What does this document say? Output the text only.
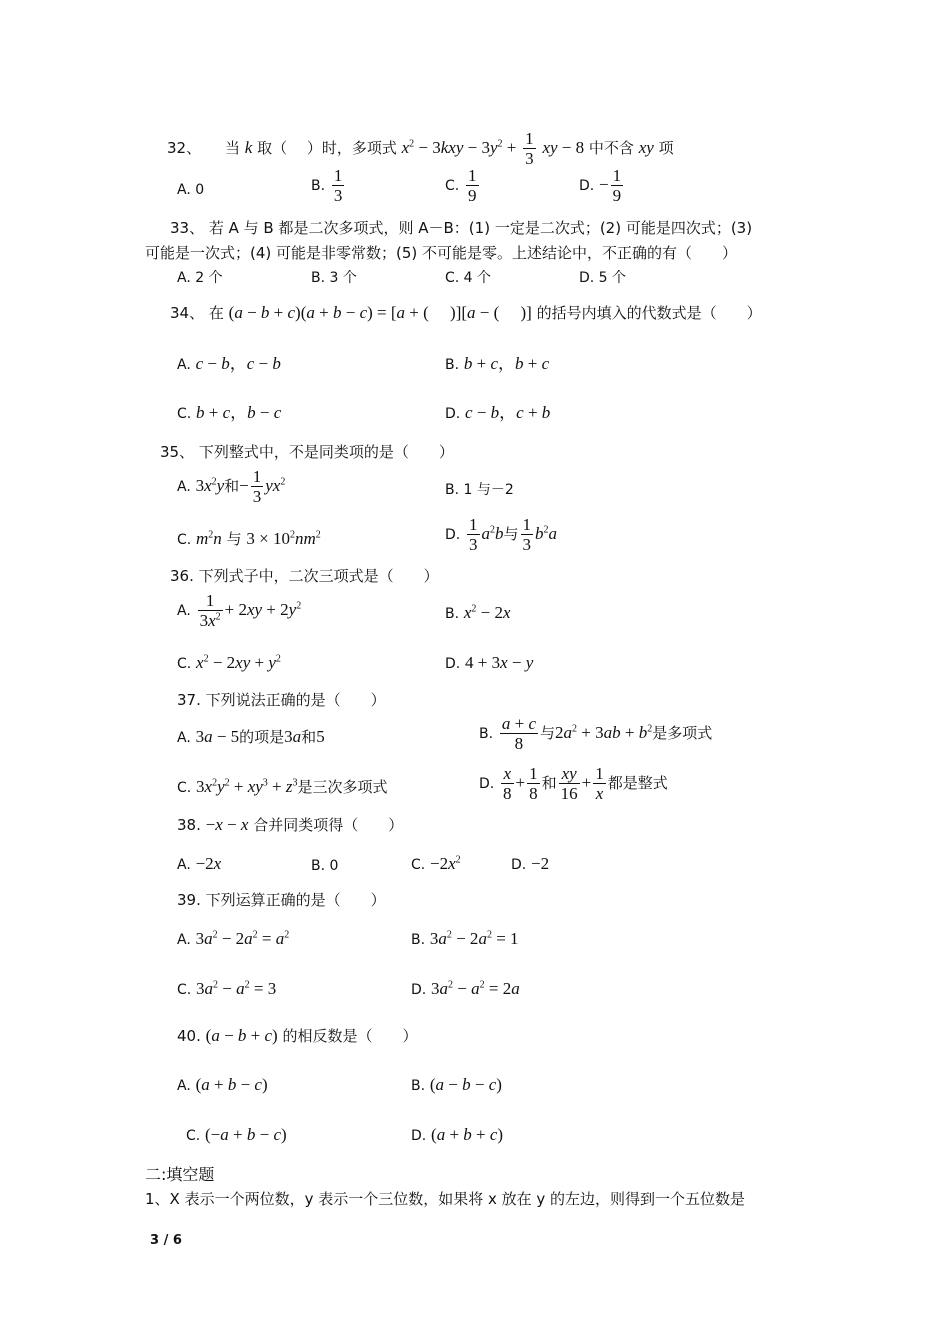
32、 当 k 取（　 ）时，多项式 $x^2 - 3kxy - 3y^2 + \frac{1}{3}$ xy − 8 中不含 xy 项
A. 0	B. $\frac{1}{3}$	C. $\frac{1}{9}$	D. − $\frac{1}{9}$
33、 若 A 与 B 都是二次多项式，则 A－B：(1) 一定是二次式；(2) 可能是四次式；(3)
可能是一次式；(4) 可能是非零常数；(5) 不可能是零。上述结论中，不正确的有（　　）
A. 2 个	B. 3 个	C. 4 个	D. 5 个
34、 在 (a − b + c)(a + b − c) = [a + (     )][a − (     )] 的括号内填入的代数式是（　　）
A. c − b，c − b	B. b + c，b + c
C. b + c，b − c	D. c − b，c + b
35、 下列整式中，不是同类项的是（　　）
A. $3x^2y$和− $\frac{1}{3} yx^2$
B. 1 与－2
C. $m^2n$ 与 $3 \times 10^2nm^2$	D. $\frac{1}{3} a^2b$与 $\frac{1}{3} b^2a$
36. 下列式子中，二次三项式是（　　）
A. $\frac{1}{3x^2} + 2xy + 2y^2$
B. $x^2 - 2x$
C. $x^2 - 2xy + y^2$	D. 4 + 3x − y
37. 下列说法正确的是（　　）
A. 3a − 5的项是3a和5	B. $\frac{a + c}{8}$ 与$2a^2 + 3ab + b^2$是多项式
C. $3x^2y^2 + xy^3 + z^3$是三次多项式	D. $\frac{x}{8} + \frac{1}{8}$ 和 $\frac{xy}{16} + \frac{1}{x}$ 都是整式
38. −x − x 合并同类项得（　　）
A. −2x	B. 0	C. $-2x^2$	D. −2
39. 下列运算正确的是（　　）
A. $3a^2 - 2a^2 = a^2$	B. $3a^2 - 2a^2 = 1$
C. $3a^2 - a^2 = 3$	D. $3a^2 - a^2 = 2a$
40. (a − b + c) 的相反数是（　　）
A. (a + b − c)	B. (a − b − c)
C. (−a + b − c)	D. (a + b + c)
二:填空题
1、X 表示一个两位数，y 表示一个三位数，如果将 x 放在 y 的左边，则得到一个五位数是
3 / 6
